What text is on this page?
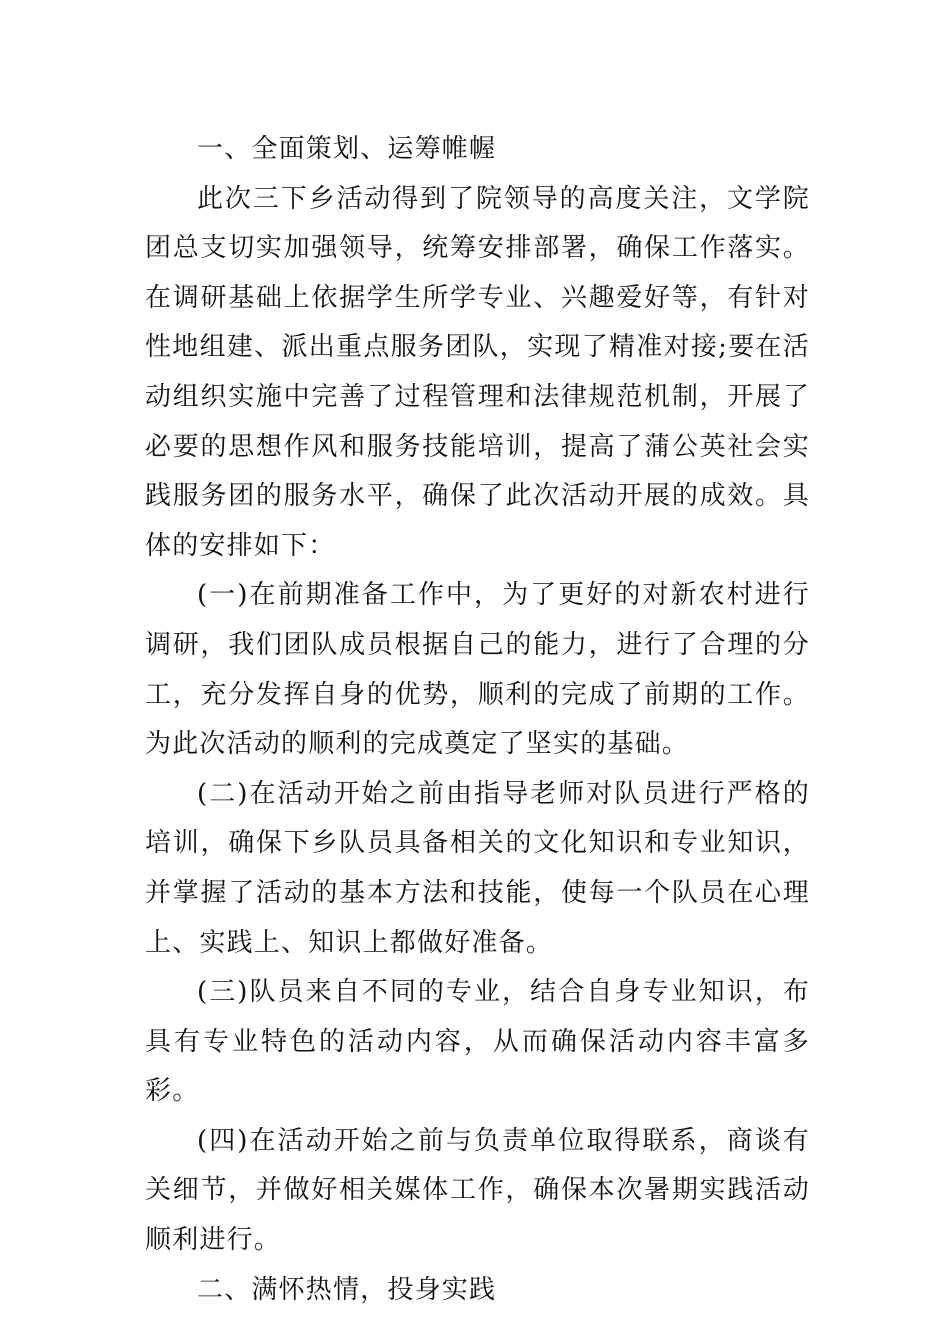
一、全面策划、运筹帷幄

此次三下乡活动得到了院领导的高度关注，文学院团总支切实加强领导，统筹安排部署，确保工作落实。在调研基础上依据学生所学专业、兴趣爱好等，有针对性地组建、派出重点服务团队，实现了精准对接;要在活动组织实施中完善了过程管理和法律规范机制，开展了必要的思想作风和服务技能培训，提高了蒲公英社会实践服务团的服务水平，确保了此次活动开展的成效。具体的安排如下：

(一)在前期准备工作中，为了更好的对新农村进行调研，我们团队成员根据自己的能力，进行了合理的分工，充分发挥自身的优势，顺利的完成了前期的工作。为此次活动的顺利的完成奠定了坚实的基础。

(二)在活动开始之前由指导老师对队员进行严格的培训，确保下乡队员具备相关的文化知识和专业知识，并掌握了活动的基本方法和技能，使每一个队员在心理上、实践上、知识上都做好准备。

(三)队员来自不同的专业，结合自身专业知识，布具有专业特色的活动内容，从而确保活动内容丰富多彩。

(四)在活动开始之前与负责单位取得联系，商谈有关细节，并做好相关媒体工作，确保本次暑期实践活动顺利进行。

二、满怀热情，投身实践
